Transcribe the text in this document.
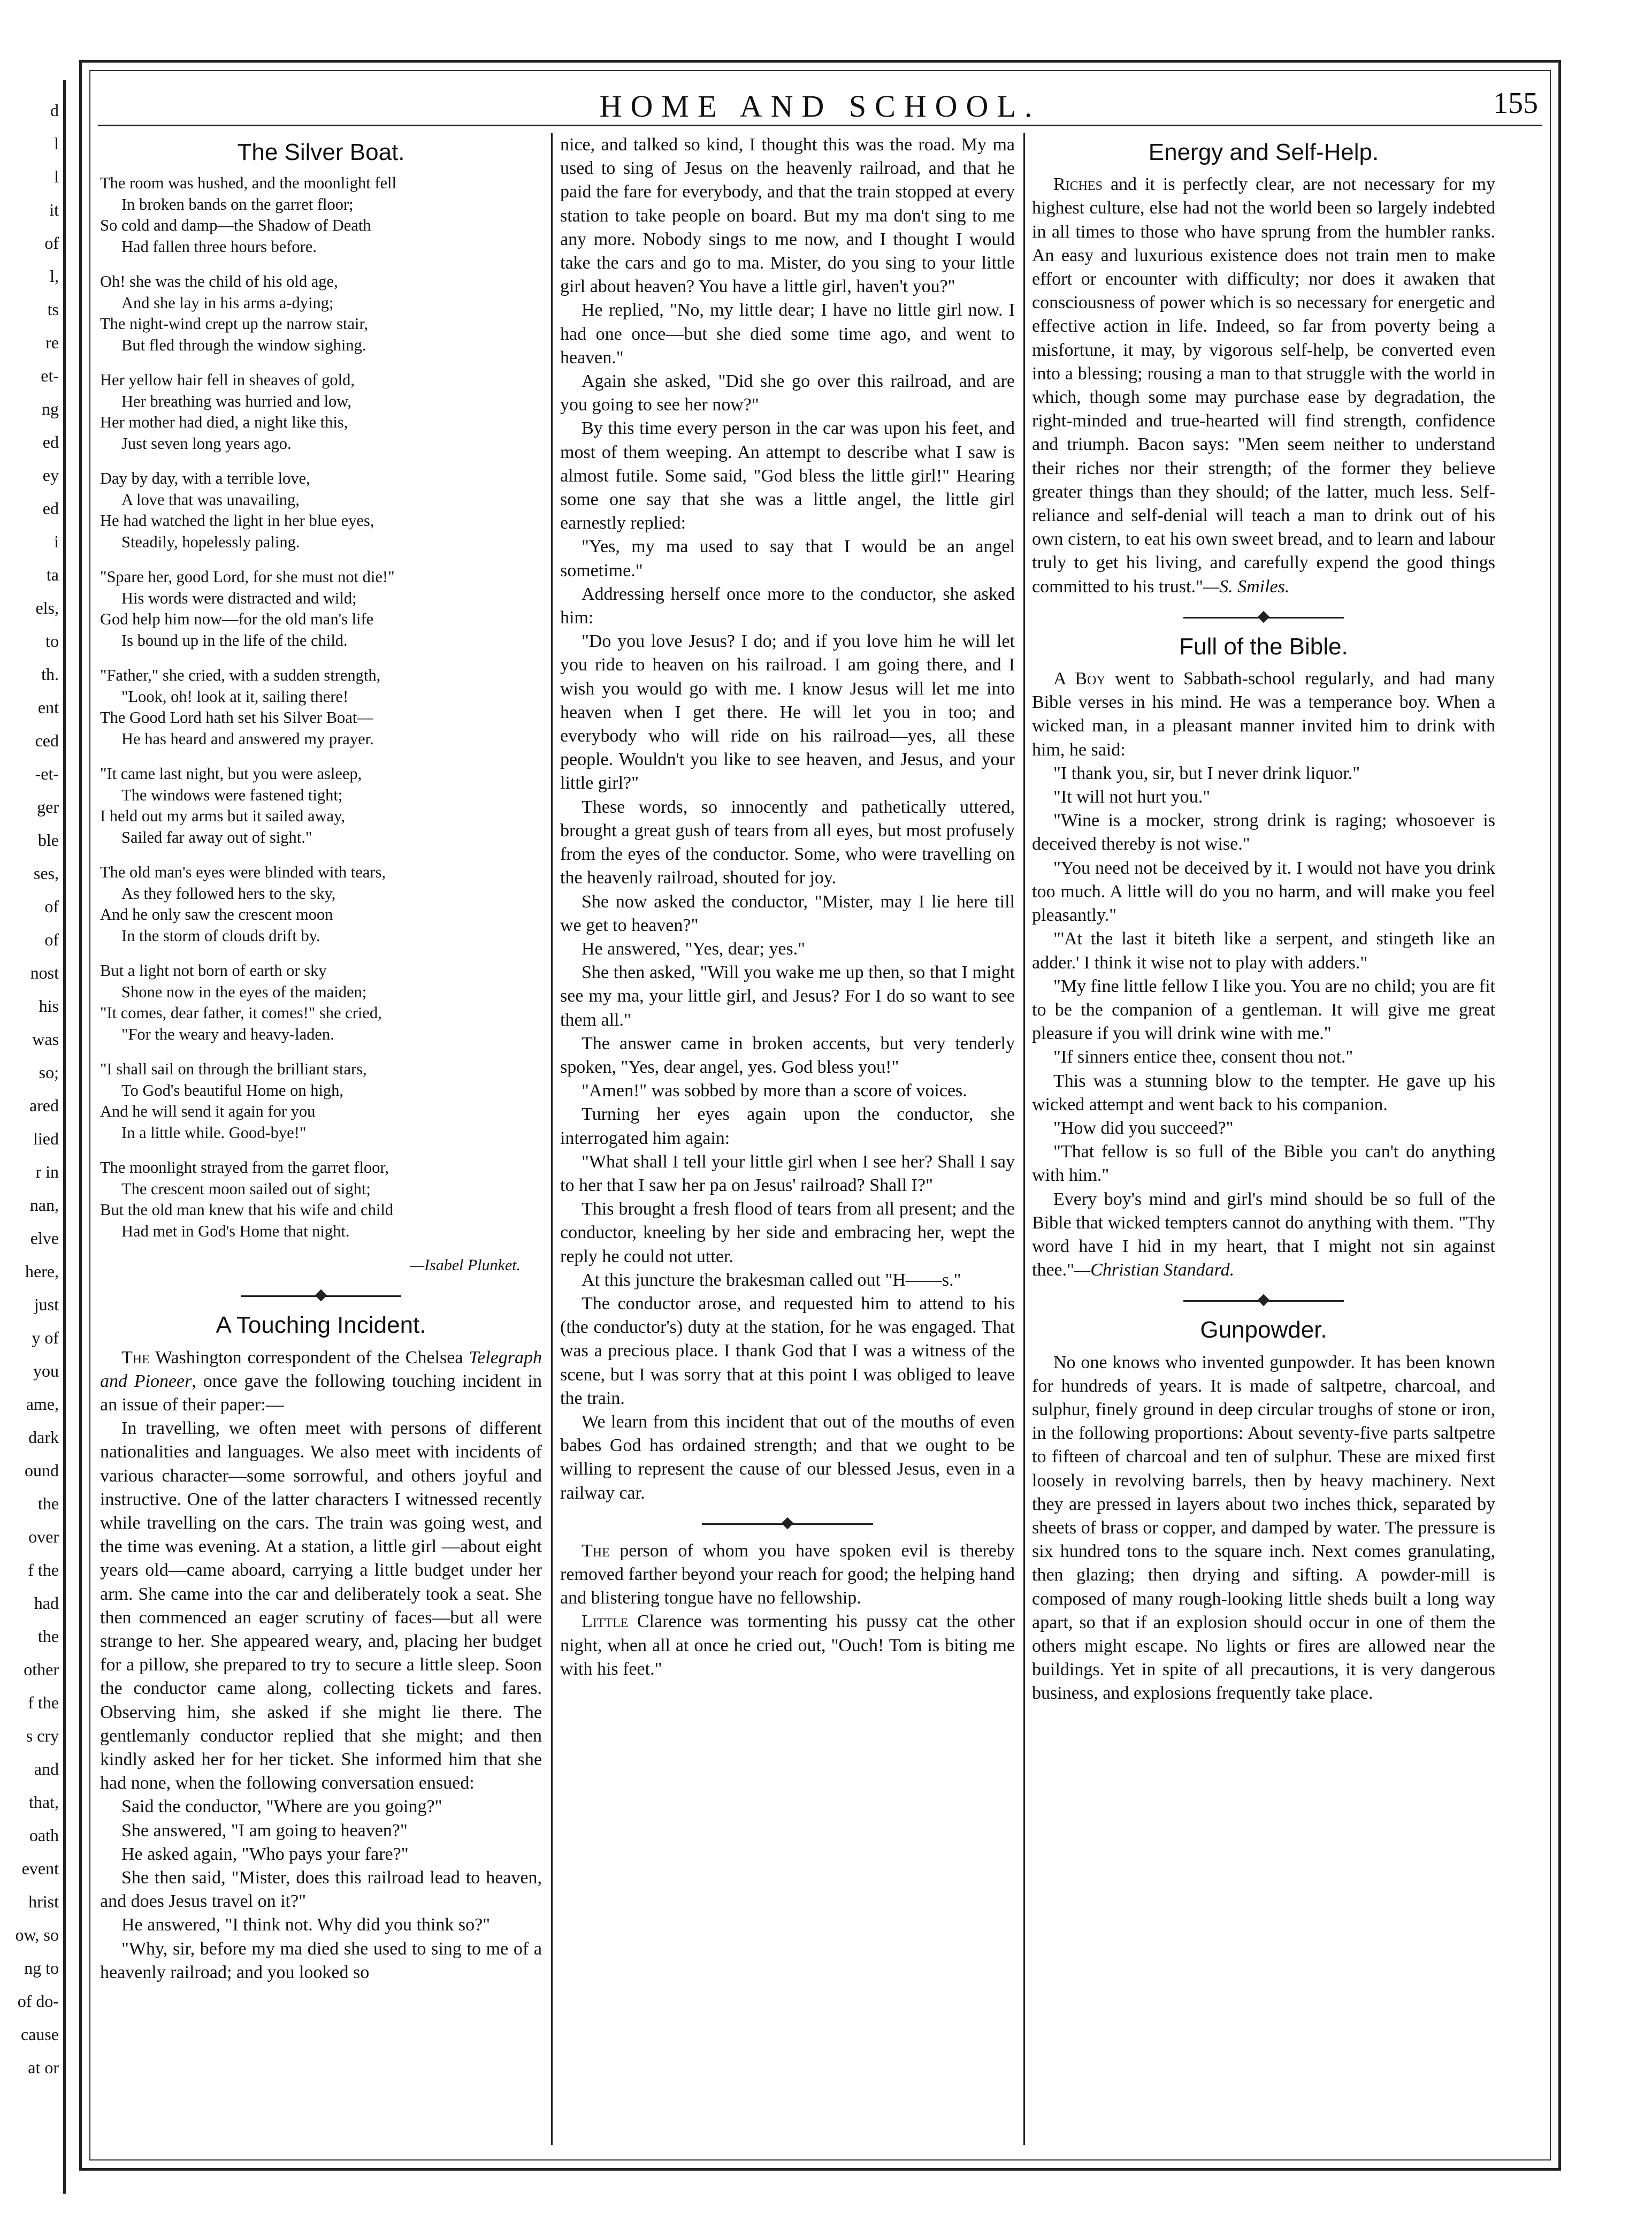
d
l
l
it
of
l,
ts
re
et-
ng
ed
ey
ed
i
ta
els,
to
th.
ent
ced
-et-
ger
ble
ses,
of
of
nost
his
was
so;
ared
lied
r in
nan,
elve
here,
just
y of
you
ame,
dark
ound
the
over
f the
had
the
other
f the
s cry
and
that,
oath
event
hrist
ow, so
ng to
of do-
cause
at or
HOME AND SCHOOL.	155
The Silver Boat.
The room was hushed, and the moonlight fell
In broken bands on the garret floor;
So cold and damp—the Shadow of Death
Had fallen three hours before.
Oh! she was the child of his old age,
And she lay in his arms a-dying;
The night-wind crept up the narrow stair,
But fled through the window sighing.
Her yellow hair fell in sheaves of gold,
Her breathing was hurried and low,
Her mother had died, a night like this,
Just seven long years ago.
Day by day, with a terrible love,
A love that was unavailing,
He had watched the light in her blue eyes,
Steadily, hopelessly paling.
"Spare her, good Lord, for she must not die!"
His words were distracted and wild;
God help him now—for the old man's life
Is bound up in the life of the child.
"Father," she cried, with a sudden strength,
"Look, oh! look at it, sailing there!
The Good Lord hath set his Silver Boat—
He has heard and answered my prayer.
"It came last night, but you were asleep,
The windows were fastened tight;
I held out my arms but it sailed away,
Sailed far away out of sight."
The old man's eyes were blinded with tears,
As they followed hers to the sky,
And he only saw the crescent moon
In the storm of clouds drift by.
But a light not born of earth or sky
Shone now in the eyes of the maiden;
"It comes, dear father, it comes!" she cried,
"For the weary and heavy-laden.
"I shall sail on through the brilliant stars,
To God's beautiful Home on high,
And he will send it again for you
In a little while. Good-bye!"
The moonlight strayed from the garret floor,
The crescent moon sailed out of sight;
But the old man knew that his wife and child
Had met in God's Home that night.
—Isabel Plunket.
A Touching Incident.

The Washington correspondent of the Chelsea Telegraph and Pioneer, once gave the following touching incident in an issue of their paper:—

In travelling, we often meet with persons of different nationalities and languages. We also meet with incidents of various character—some sorrowful, and others joyful and instructive. One of the latter characters I witnessed recently while travelling on the cars. The train was going west, and the time was evening. At a station, a little girl —about eight years old—came aboard, carrying a little budget under her arm. She came into the car and deliberately took a seat. She then commenced an eager scrutiny of faces—but all were strange to her. She appeared weary, and, placing her budget for a pillow, she prepared to try to secure a little sleep. Soon the conductor came along, collecting tickets and fares. Observing him, she asked if she might lie there. The gentlemanly conductor replied that she might; and then kindly asked her for her ticket. She informed him that she had none, when the following conversation ensued:

Said the conductor, "Where are you going?"

She answered, "I am going to heaven?"

He asked again, "Who pays your fare?"

She then said, "Mister, does this railroad lead to heaven, and does Jesus travel on it?"

He answered, "I think not. Why did you think so?"

"Why, sir, before my ma died she used to sing to me of a heavenly railroad; and you looked so

nice, and talked so kind, I thought this was the road. My ma used to sing of Jesus on the heavenly railroad, and that he paid the fare for everybody, and that the train stopped at every station to take people on board. But my ma don't sing to me any more. Nobody sings to me now, and I thought I would take the cars and go to ma. Mister, do you sing to your little girl about heaven? You have a little girl, haven't you?"

He replied, "No, my little dear; I have no little girl now. I had one once—but she died some time ago, and went to heaven."

Again she asked, "Did she go over this railroad, and are you going to see her now?"

By this time every person in the car was upon his feet, and most of them weeping. An attempt to describe what I saw is almost futile. Some said, "God bless the little girl!" Hearing some one say that she was a little angel, the little girl earnestly replied:

"Yes, my ma used to say that I would be an angel sometime."

Addressing herself once more to the conductor, she asked him:

"Do you love Jesus? I do; and if you love him he will let you ride to heaven on his railroad. I am going there, and I wish you would go with me. I know Jesus will let me into heaven when I get there. He will let you in too; and everybody who will ride on his railroad—yes, all these people. Wouldn't you like to see heaven, and Jesus, and your little girl?"

These words, so innocently and pathetically uttered, brought a great gush of tears from all eyes, but most profusely from the eyes of the conductor. Some, who were travelling on the heavenly railroad, shouted for joy.

She now asked the conductor, "Mister, may I lie here till we get to heaven?"

He answered, "Yes, dear; yes."

She then asked, "Will you wake me up then, so that I might see my ma, your little girl, and Jesus? For I do so want to see them all."

The answer came in broken accents, but very tenderly spoken, "Yes, dear angel, yes. God bless you!"

"Amen!" was sobbed by more than a score of voices.

Turning her eyes again upon the conductor, she interrogated him again:

"What shall I tell your little girl when I see her? Shall I say to her that I saw her pa on Jesus' railroad? Shall I?"

This brought a fresh flood of tears from all present; and the conductor, kneeling by her side and embracing her, wept the reply he could not utter.

At this juncture the brakesman called out "H——s."

The conductor arose, and requested him to attend to his (the conductor's) duty at the station, for he was engaged. That was a precious place. I thank God that I was a witness of the scene, but I was sorry that at this point I was obliged to leave the train.

We learn from this incident that out of the mouths of even babes God has ordained strength; and that we ought to be willing to represent the cause of our blessed Jesus, even in a railway car.

The person of whom you have spoken evil is thereby removed farther beyond your reach for good; the helping hand and blistering tongue have no fellowship.

Little Clarence was tormenting his pussy cat the other night, when all at once he cried out, "Ouch! Tom is biting me with his feet."

Energy and Self-Help.

Riches and it is perfectly clear, are not necessary for my highest culture, else had not the world been so largely indebted in all times to those who have sprung from the humbler ranks. An easy and luxurious existence does not train men to make effort or encounter with difficulty; nor does it awaken that consciousness of power which is so necessary for energetic and effective action in life. Indeed, so far from poverty being a misfortune, it may, by vigorous self-help, be converted even into a blessing; rousing a man to that struggle with the world in which, though some may purchase ease by degradation, the right-minded and true-hearted will find strength, confidence and triumph. Bacon says: "Men seem neither to understand their riches nor their strength; of the former they believe greater things than they should; of the latter, much less. Self-reliance and self-denial will teach a man to drink out of his own cistern, to eat his own sweet bread, and to learn and labour truly to get his living, and carefully expend the good things committed to his trust."—S. Smiles.

Full of the Bible.

A Boy went to Sabbath-school regularly, and had many Bible verses in his mind. He was a temperance boy. When a wicked man, in a pleasant manner invited him to drink with him, he said:

"I thank you, sir, but I never drink liquor."

"It will not hurt you."

"Wine is a mocker, strong drink is raging; whosoever is deceived thereby is not wise."

"You need not be deceived by it. I would not have you drink too much. A little will do you no harm, and will make you feel pleasantly."

"'At the last it biteth like a serpent, and stingeth like an adder.' I think it wise not to play with adders."

"My fine little fellow I like you. You are no child; you are fit to be the companion of a gentleman. It will give me great pleasure if you will drink wine with me."

"If sinners entice thee, consent thou not."

This was a stunning blow to the tempter. He gave up his wicked attempt and went back to his companion.

"How did you succeed?"

"That fellow is so full of the Bible you can't do anything with him."

Every boy's mind and girl's mind should be so full of the Bible that wicked tempters cannot do anything with them. "Thy word have I hid in my heart, that I might not sin against thee."—Christian Standard.

Gunpowder.

No one knows who invented gunpowder. It has been known for hundreds of years. It is made of saltpetre, charcoal, and sulphur, finely ground in deep circular troughs of stone or iron, in the following proportions: About seventy-five parts saltpetre to fifteen of charcoal and ten of sulphur. These are mixed first loosely in revolving barrels, then by heavy machinery. Next they are pressed in layers about two inches thick, separated by sheets of brass or copper, and damped by water. The pressure is six hundred tons to the square inch. Next comes granulating, then glazing; then drying and sifting. A powder-mill is composed of many rough-looking little sheds built a long way apart, so that if an explosion should occur in one of them the others might escape. No lights or fires are allowed near the buildings. Yet in spite of all precautions, it is very dangerous business, and explosions frequently take place.
